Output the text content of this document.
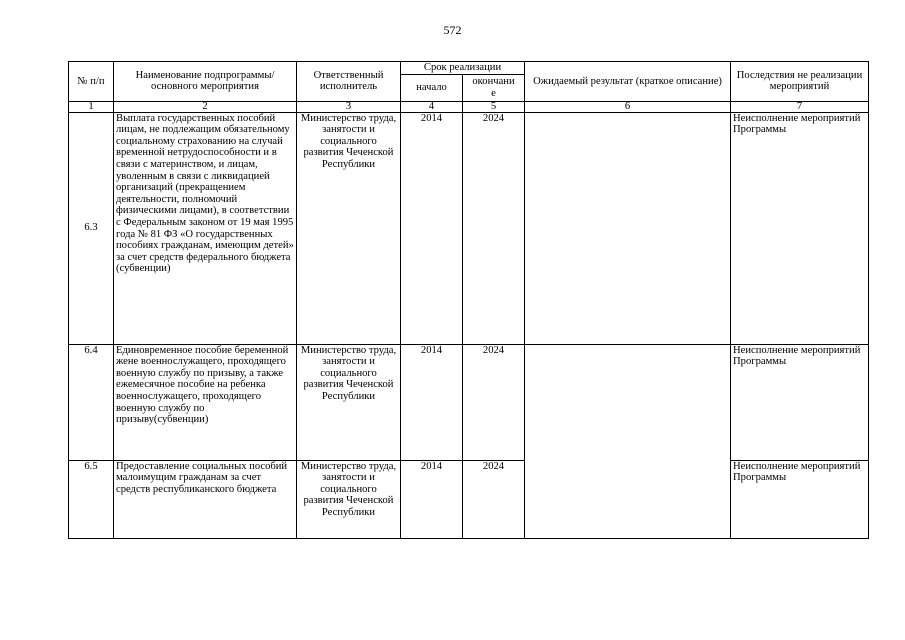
572
№ п/п	Наименование подпрограммы/ основного мероприятия	Ответственный исполнитель	Срок реализации		Ожидаемый результат (краткое описание)	Последствия не реализации мероприятий
			начало	окончани
е		
1	2	3	4	5	6	7
6.3	Выплата государственных пособий лицам, не подлежащим обязательному социальному страхованию на случай временной нетрудоспособности и в связи с материнством, и лицам, уволенным в связи с ликвидацией организаций (прекращением деятельности, полномочий физическими лицами), в соответствии с Федеральным законом от 19 мая 1995 года № 81 ФЗ «О государственных пособиях гражданам, имеющим детей» за счет средств федерального бюджета (субвенции)	Министерство труда, занятости и социального развития Чеченской Республики	2014	2024		Неисполнение мероприятий Программы
6.4	Единовременное пособие беременной жене военнослужащего, проходящего военную службу по призыву, а также ежемесячное пособие на ребенка военнослужащего, проходящего военную службу по призыву(субвенции)	Министерство труда, занятости и социального развития Чеченской Республики	2014	2024		Неисполнение мероприятий Программы
6.5	Предоставление социальных пособий малоимущим гражданам за счет средств республиканского бюджета	Министерство труда, занятости и социального развития Чеченской Республики	2014	2024		Неисполнение мероприятий Программы
